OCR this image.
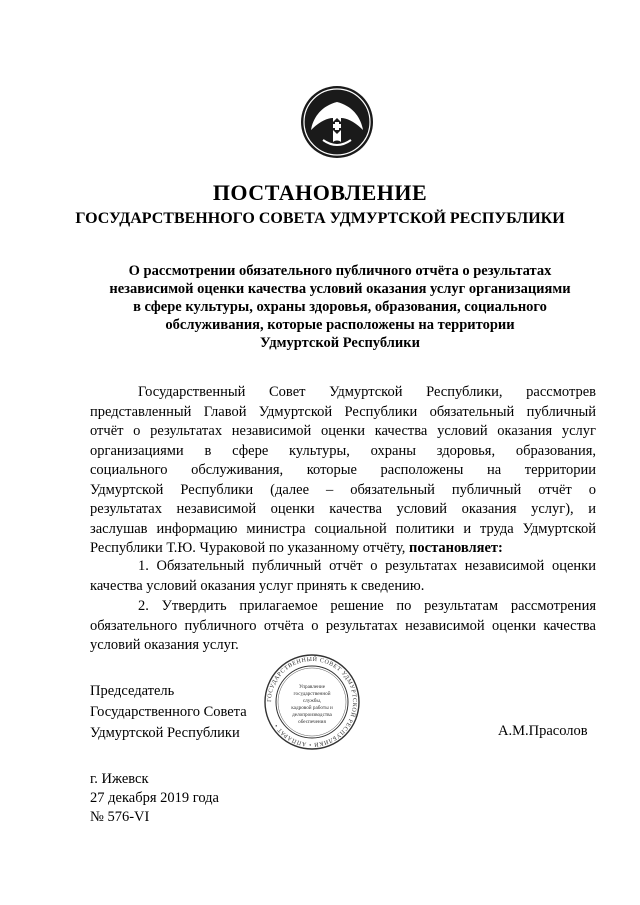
ПОСТАНОВЛЕНИЕ
ГОСУДАРСТВЕННОГО СОВЕТА УДМУРТСКОЙ РЕСПУБЛИКИ
О рассмотрении обязательного публичного отчёта о результатах
независимой оценки качества условий оказания услуг организациями
в сфере культуры, охраны здоровья, образования, социального
обслуживания, которые расположены на территории
Удмуртской Республики
Государственный Совет Удмуртской Республики, рассмотрев
представленный Главой Удмуртской Республики обязательный публичный
отчёт о результатах независимой оценки качества условий оказания услуг
организациями в сфере культуры, охраны здоровья, образования,
социального обслуживания, которые расположены на территории
Удмуртской Республики (далее – обязательный публичный отчёт о
результатах независимой оценки качества условий оказания услуг), и
заслушав информацию министра социальной политики и труда Удмуртской
Республики Т.Ю. Чураковой по указанному отчёту, постановляет:
1. Обязательный публичный отчёт о результатах независимой оценки
качества условий оказания услуг принять к сведению.
2. Утвердить прилагаемое решение по результатам рассмотрения
обязательного публичного отчёта о результатах независимой оценки качества
условий оказания услуг.
Председатель
Государственного Совета
Удмуртской Республики
ГОСУДАРСТВЕННЫЙ СОВЕТ УДМУРТСКОЙ РЕСПУБЛИКИ • АППАРАТ •
Управление
государственной
службы,
кадровой работы и
делопроизводства
обеспечения
А.М.Прасолов
г. Ижевск
27 декабря 2019 года
№ 576-VI
